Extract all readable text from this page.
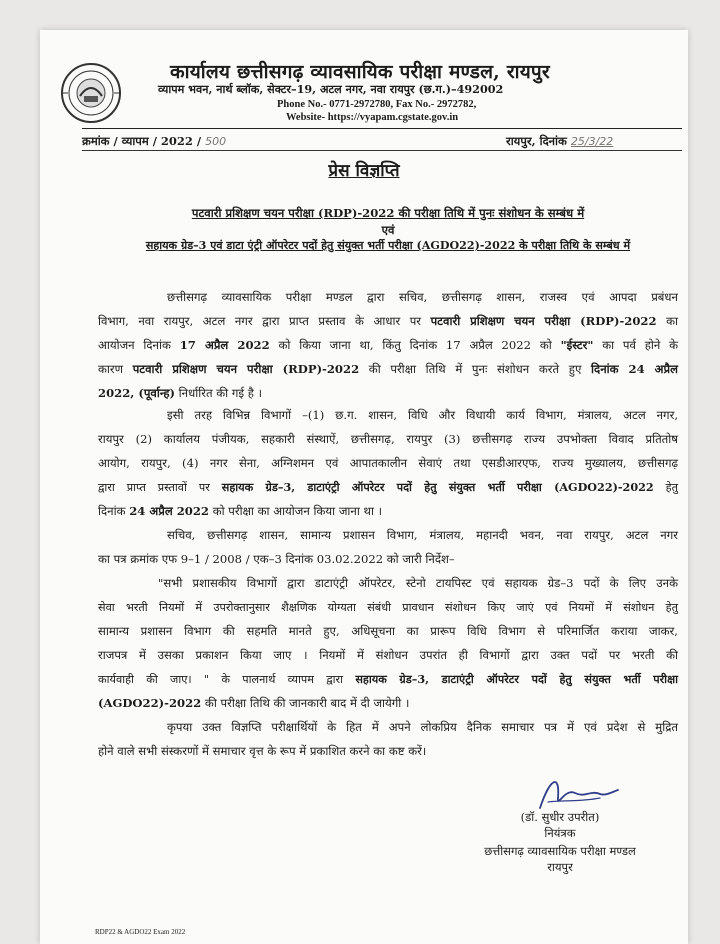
कार्यालय छत्तीसगढ़ व्यावसायिक परीक्षा मण्डल, रायपुर
व्यापम भवन, नार्थ ब्लॉक, सेक्टर–19, अटल नगर, नवा रायपुर (छ.ग.)–492002
Phone No.- 0771-2972780, Fax No.- 2972782,
Website- https://vyapam.cgstate.gov.in
क्रमांक / व्यापम / 2022 / 500	रायपुर, दिनांक 25/3/22
प्रेस विज्ञप्ति
पटवारी प्रशिक्षण चयन परीक्षा (RDP)-2022 की परीक्षा तिथि में पुनः संशोधन के सम्बंध में
एवं
सहायक ग्रेड–3 एवं डाटा एंट्री ऑपरेटर पदों हेतु संयुक्त भर्ती परीक्षा (AGDO22)-2022 के परीक्षा तिथि के सम्बंध में
छत्तीसगढ़ व्यावसायिक परीक्षा मण्डल द्वारा सचिव, छत्तीसगढ़ शासन, राजस्व एवं आपदा प्रबंधन
विभाग, नवा रायपुर, अटल नगर द्वारा प्राप्त प्रस्ताव के आधार पर पटवारी प्रशिक्षण चयन परीक्षा (RDP)-2022 का
आयोजन दिनांक 17 अप्रैल 2022 को किया जाना था, किंतु दिनांक 17 अप्रैल 2022 को "ईस्टर" का पर्व होने के
कारण पटवारी प्रशिक्षण चयन परीक्षा (RDP)-2022 की परीक्षा तिथि में पुनः संशोधन करते हुए दिनांक 24 अप्रैल
2022, (पूर्वान्ह) निर्धारित की गई है ।
इसी तरह विभिन्न विभागों –(1) छ.ग. शासन, विधि और विधायी कार्य विभाग, मंत्रालय, अटल नगर,
रायपुर (2) कार्यालय पंजीयक, सहकारी संस्थाऐं, छत्तीसगढ़, रायपुर (3) छत्तीसगढ़ राज्य उपभोक्ता विवाद प्रतितोष
आयोग, रायपुर, (4) नगर सेना, अग्निशमन एवं आपातकालीन सेवाएं तथा एसडीआरएफ, राज्य मुख्यालय, छत्तीसगढ़
द्वारा प्राप्त प्रस्तावों पर सहायक ग्रेड–3, डाटाएंट्री ऑपरेटर पदों हेतु संयुक्त भर्ती परीक्षा (AGDO22)-2022 हेतु
दिनांक 24 अप्रैल 2022 को परीक्षा का आयोजन किया जाना था ।
सचिव, छत्तीसगढ़ शासन, सामान्य प्रशासन विभाग, मंत्रालय, महानदी भवन, नवा रायपुर, अटल नगर
का पत्र क्रमांक एफ 9–1 / 2008 / एक–3 दिनांक 03.02.2022 को जारी निर्देश–
"सभी प्रशासकीय विभागों द्वारा डाटाएंट्री ऑपरेटर, स्टेनो टायपिस्ट एवं सहायक ग्रेड–3 पदों के लिए उनके
सेवा भरती नियमों में उपरोक्तानुसार शैक्षणिक योग्यता संबंधी प्रावधान संशोधन किए जाएं एवं नियमों में संशोधन हेतु
सामान्य प्रशासन विभाग की सहमति मानते हुए, अधिसूचना का प्रारूप विधि विभाग से परिमार्जित कराया जाकर,
राजपत्र में उसका प्रकाशन किया जाए । नियमों में संशोधन उपरांत ही विभागों द्वारा उक्त पदों पर भरती की
कार्यवाही की जाए। " के पालनार्थ व्यापम द्वारा सहायक ग्रेड–3, डाटाएंट्री ऑपरेटर पदों हेतु संयुक्त भर्ती परीक्षा
(AGDO22)-2022 की परीक्षा तिथि की जानकारी बाद में दी जायेगी ।
कृपया उक्त विज्ञप्ति परीक्षार्थियों के हित में अपने लोकप्रिय दैनिक समाचार पत्र में एवं प्रदेश से मुद्रित
होने वाले सभी संस्करणों में समाचार वृत्त के रूप में प्रकाशित करने का कष्ट करें।
(डॉ. सुधीर उपरीत)
नियंत्रक
छत्तीसगढ़ व्यावसायिक परीक्षा मण्डल
रायपुर
RDP22 & AGDO22 Exam 2022
